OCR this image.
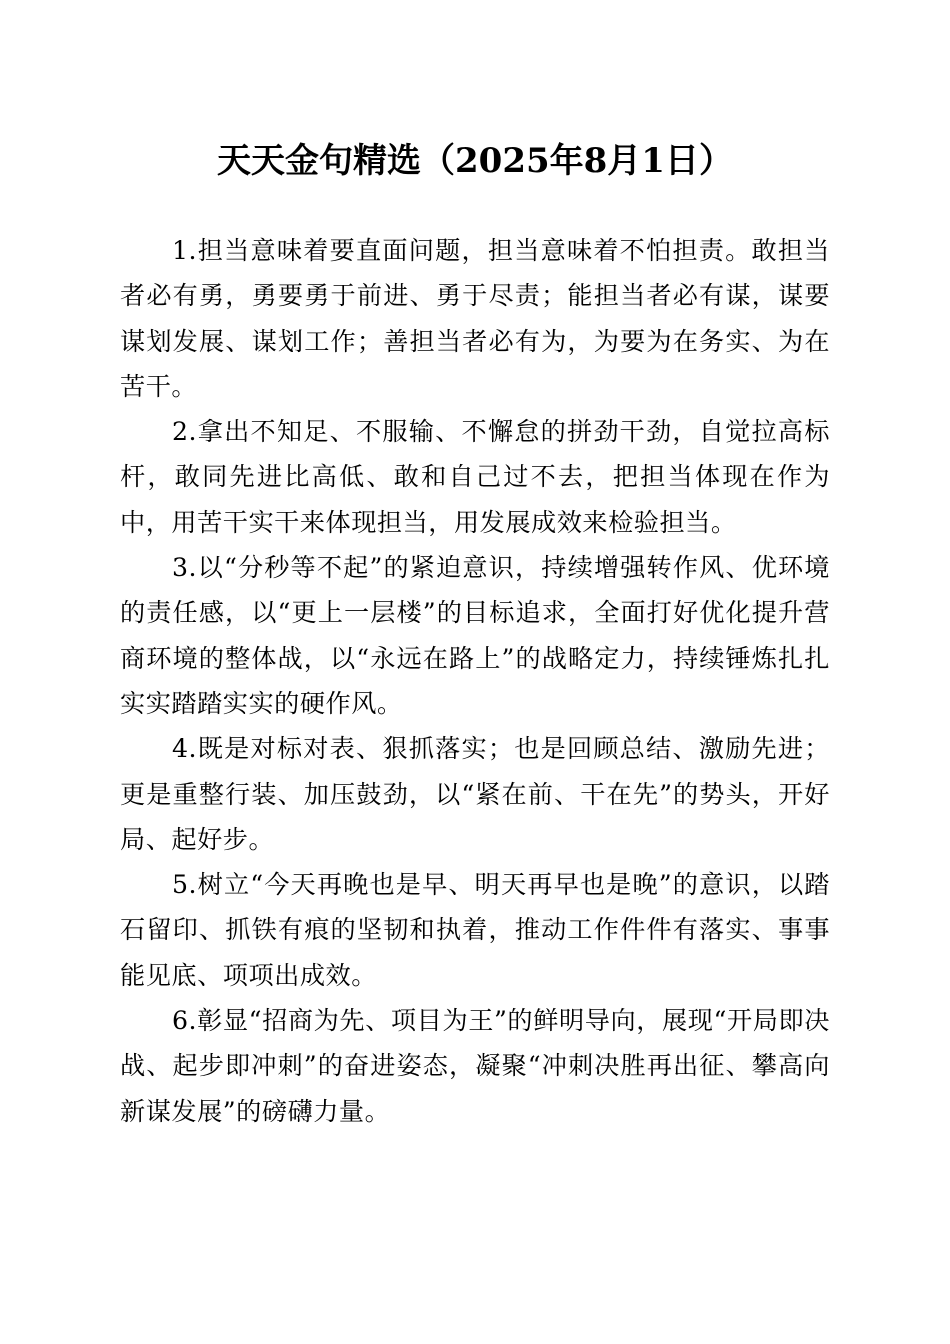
天天金句精选（2025年8月1日）

1.担当意味着要直面问题，担当意味着不怕担责。敢担当者必有勇，勇要勇于前进、勇于尽责；能担当者必有谋，谋要谋划发展、谋划工作；善担当者必有为，为要为在务实、为在苦干。

2.拿出不知足、不服输、不懈怠的拼劲干劲，自觉拉高标杆，敢同先进比高低、敢和自己过不去，把担当体现在作为中，用苦干实干来体现担当，用发展成效来检验担当。

3.以“分秒等不起”的紧迫意识，持续增强转作风、优环境的责任感，以“更上一层楼”的目标追求，全面打好优化提升营商环境的整体战，以“永远在路上”的战略定力，持续锤炼扎扎实实踏踏实实的硬作风。

4.既是对标对表、狠抓落实；也是回顾总结、激励先进；更是重整行装、加压鼓劲，以“紧在前、干在先”的势头，开好局、起好步。

5.树立“今天再晚也是早、明天再早也是晚”的意识，以踏石留印、抓铁有痕的坚韧和执着，推动工作件件有落实、事事能见底、项项出成效。

6.彰显“招商为先、项目为王”的鲜明导向，展现“开局即决战、起步即冲刺”的奋进姿态，凝聚“冲刺决胜再出征、攀高向新谋发展”的磅礴力量。
